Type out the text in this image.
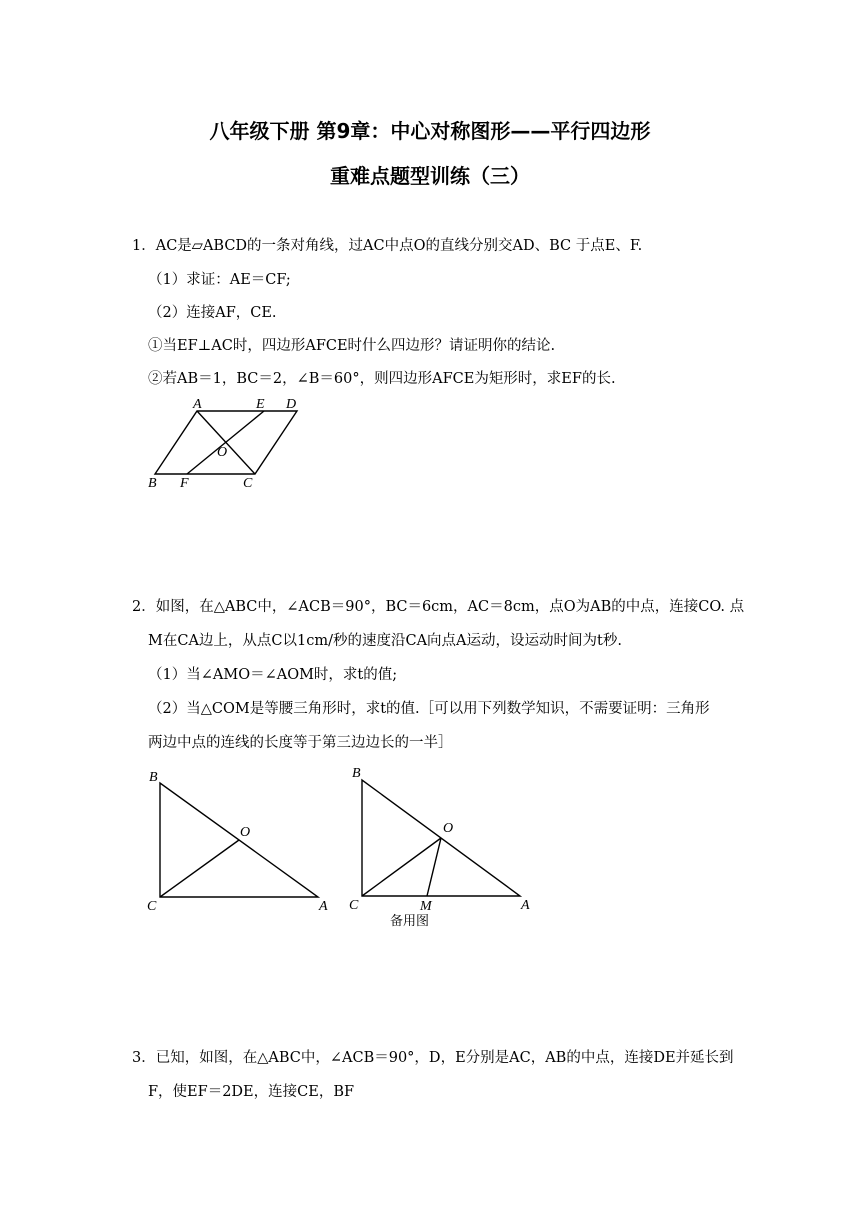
八年级下册 第9章：中心对称图形——平行四边形
重难点题型训练（三）
1．AC是▱ABCD的一条对角线，过AC中点O的直线分别交AD、BC 于点E、F.
（1）求证：AE＝CF;
（2）连接AF，CE.
①当EF⊥AC时，四边形AFCE时什么四边形？请证明你的结论.
②若AB＝1，BC＝2，∠B＝60°，则四边形AFCE为矩形时，求EF的长.
A	E D
O
B F	C
2．如图，在△ABC中，∠ACB＝90°，BC＝6cm，AC＝8cm，点O为AB的中点，连接CO. 点
M在CA边上，从点C以1cm/秒的速度沿CA向点A运动，设运动时间为t秒.
（1）当∠AMO＝∠AOM时，求t的值;
（2）当△COM是等腰三角形时，求t的值.［可以用下列数学知识，不需要证明：三角形
两边中点的连线的长度等于第三边边长的一半］
B
O
C	A
B
O
C	M	A
备用图
3．已知，如图，在△ABC中，∠ACB＝90°，D，E分别是AC，AB的中点，连接DE并延长到
F，使EF＝2DE，连接CE，BF
